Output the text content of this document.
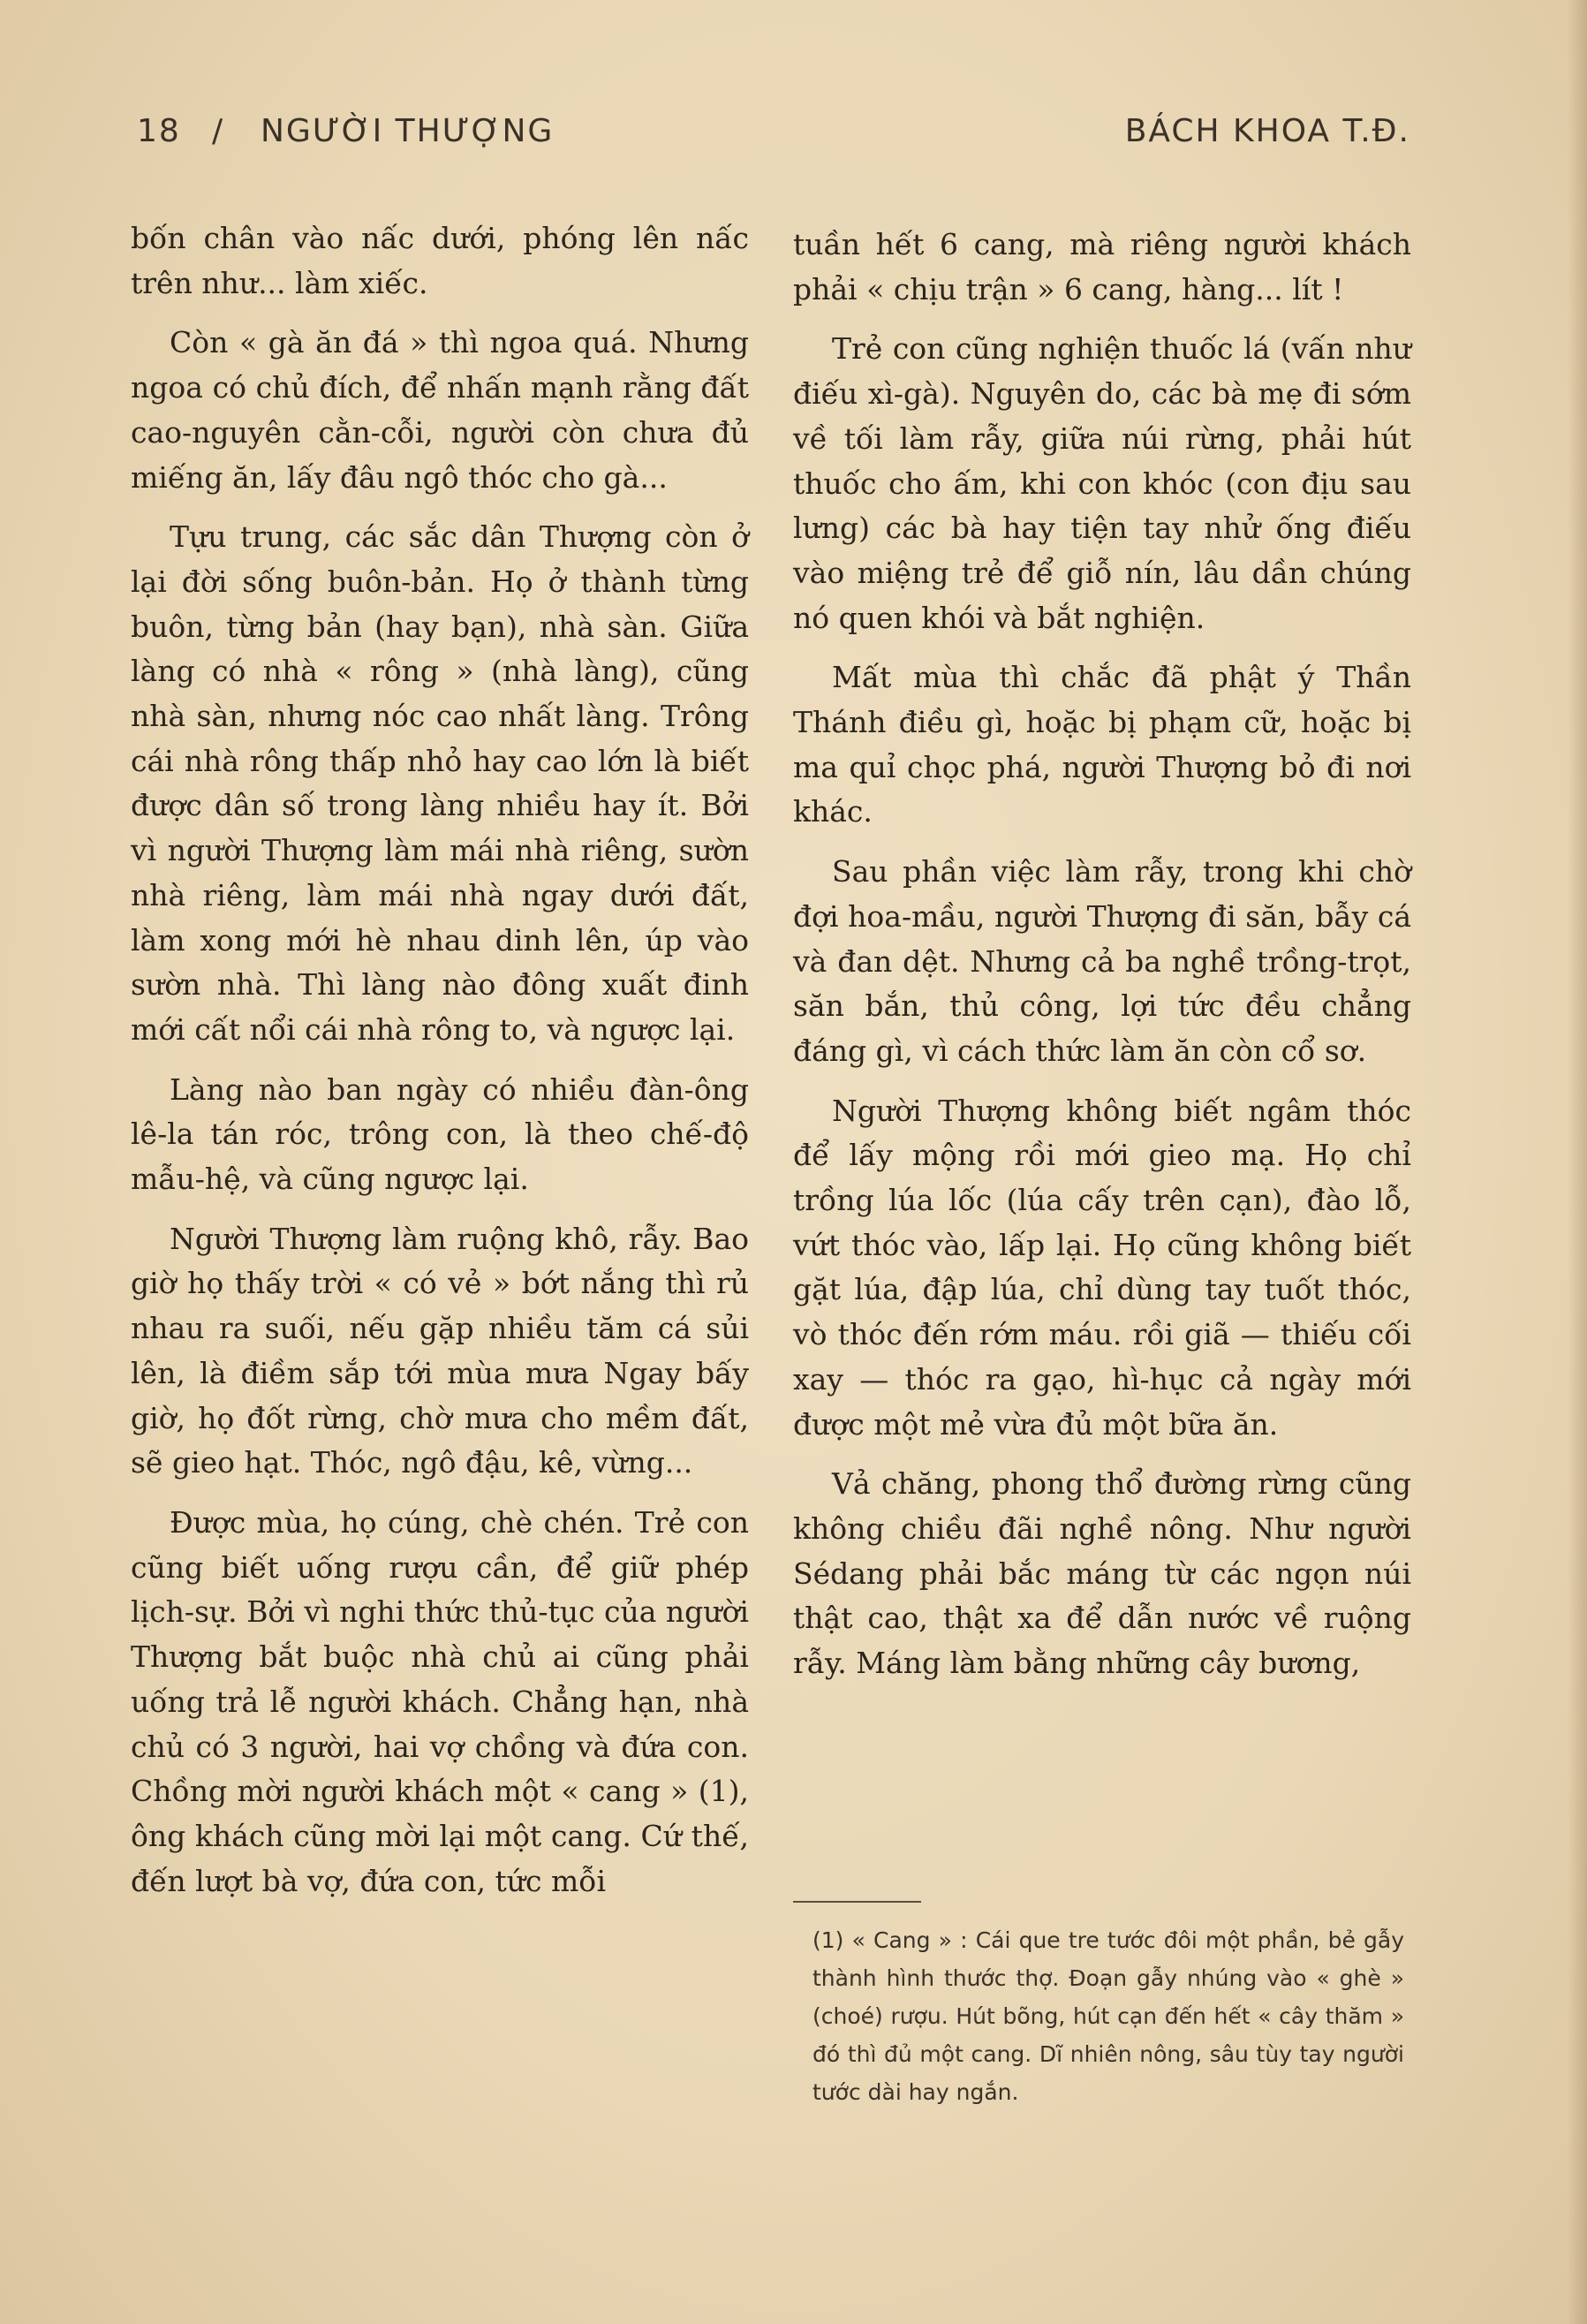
18 / NGƯỜI THƯỢNG	BÁCH KHOA T.Đ.

bốn chân vào nấc dưới, phóng lên nấc trên như... làm xiếc.

Còn « gà ăn đá » thì ngoa quá. Nhưng ngoa có chủ đích, để nhấn mạnh rằng đất cao-nguyên cằn-cỗi, người còn chưa đủ miếng ăn, lấy đâu ngô thóc cho gà...

Tựu trung, các sắc dân Thượng còn ở lại đời sống buôn-bản. Họ ở thành từng buôn, từng bản (hay bạn), nhà sàn. Giữa làng có nhà « rông » (nhà làng), cũng nhà sàn, nhưng nóc cao nhất làng. Trông cái nhà rông thấp nhỏ hay cao lớn là biết được dân số trong làng nhiều hay ít. Bởi vì người Thượng làm mái nhà riêng, sườn nhà riêng, làm mái nhà ngay dưới đất, làm xong mới hè nhau dinh lên, úp vào sườn nhà. Thì làng nào đông xuất đinh mới cất nổi cái nhà rông to, và ngược lại.

Làng nào ban ngày có nhiều đàn-ông lê-la tán róc, trông con, là theo chế-độ mẫu-hệ, và cũng ngược lại.

Người Thượng làm ruộng khô, rẫy. Bao giờ họ thấy trời « có vẻ » bớt nắng thì rủ nhau ra suối, nếu gặp nhiều tăm cá sủi lên, là điềm sắp tới mùa mưa Ngay bấy giờ, họ đốt rừng, chờ mưa cho mềm đất, sẽ gieo hạt. Thóc, ngô đậu, kê, vừng...

Được mùa, họ cúng, chè chén. Trẻ con cũng biết uống rượu cần, để giữ phép lịch-sự. Bởi vì nghi thức thủ-tục của người Thượng bắt buộc nhà chủ ai cũng phải uống trả lễ người khách. Chẳng hạn, nhà chủ có 3 người, hai vợ chồng và đứa con. Chồng mời người khách một « cang » (1), ông khách cũng mời lại một cang. Cứ thế, đến lượt bà vợ, đứa con, tức mỗi

tuần hết 6 cang, mà riêng người khách phải « chịu trận » 6 cang, hàng... lít !

Trẻ con cũng nghiện thuốc lá (vấn như điếu xì-gà). Nguyên do, các bà mẹ đi sớm về tối làm rẫy, giữa núi rừng, phải hút thuốc cho ấm, khi con khóc (con địu sau lưng) các bà hay tiện tay nhử ống điếu vào miệng trẻ để giỗ nín, lâu dần chúng nó quen khói và bắt nghiện.

Mất mùa thì chắc đã phật ý Thần Thánh điều gì, hoặc bị phạm cữ, hoặc bị ma quỉ chọc phá, người Thượng bỏ đi nơi khác.

Sau phần việc làm rẫy, trong khi chờ đợi hoa-mầu, người Thượng đi săn, bẫy cá và đan dệt. Nhưng cả ba nghề trồng-trọt, săn bắn, thủ công, lợi tức đều chẳng đáng gì, vì cách thức làm ăn còn cổ sơ.

Người Thượng không biết ngâm thóc để lấy mộng rồi mới gieo mạ. Họ chỉ trồng lúa lốc (lúa cấy trên cạn), đào lỗ, vứt thóc vào, lấp lại. Họ cũng không biết gặt lúa, đập lúa, chỉ dùng tay tuốt thóc, vò thóc đến rớm máu. rồi giã — thiếu cối xay — thóc ra gạo, hì-hục cả ngày mới được một mẻ vừa đủ một bữa ăn.

Vả chăng, phong thổ đường rừng cũng không chiều đãi nghề nông. Như người Sédang phải bắc máng từ các ngọn núi thật cao, thật xa để dẫn nước về ruộng rẫy. Máng làm bằng những cây bương,

(1) « Cang » : Cái que tre tước đôi một phần, bẻ gẫy thành hình thước thợ. Đoạn gẫy nhúng vào « ghè » (choé) rượu. Hút bõng, hút cạn đến hết « cây thăm » đó thì đủ một cang. Dĩ nhiên nông, sâu tùy tay người tước dài hay ngắn.
